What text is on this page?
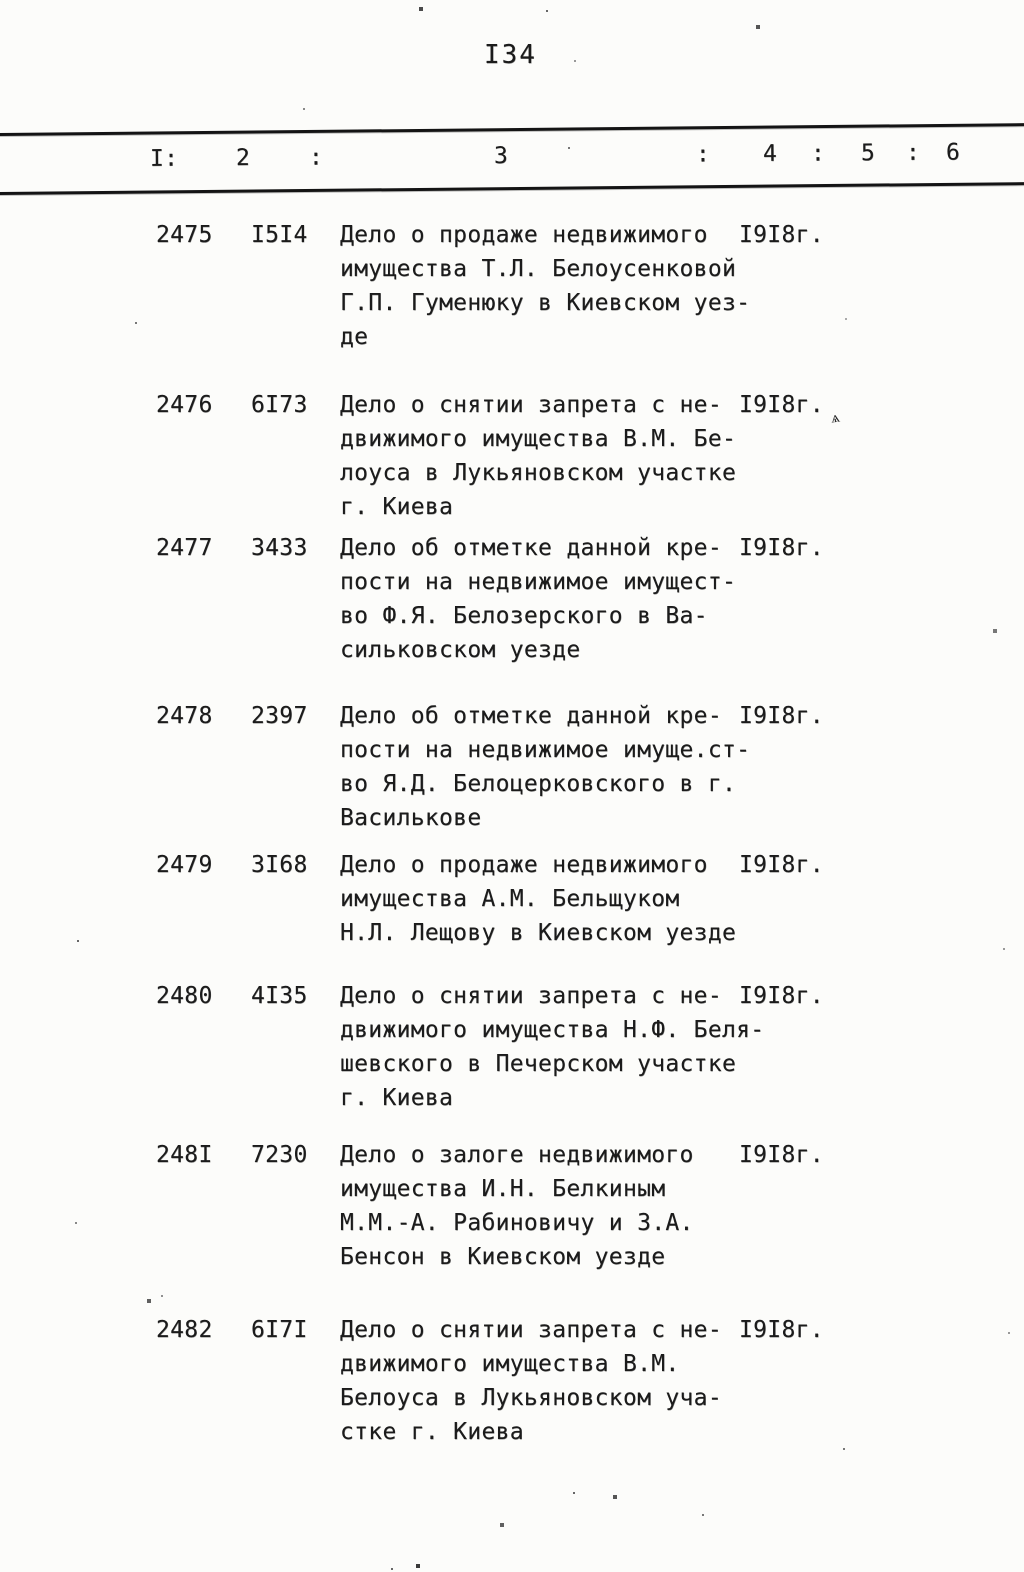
I34
I: 2	:	3	: 4 : 5 : 6
2475 I5I4 Дело о продаже недвижимого
имущества Т.Л. Белоусенковой
Г.П. Гуменюку в Киевском уез-
де
I9I8г.
2476 6I73 Дело о снятии запрета с не-
движимого имущества В.М. Бе-
лоуса в Лукьяновском участке
г. Киева
I9I8г.
2477 3433 Дело об отметке данной кре-
пости на недвижимое имущест-
во Ф.Я. Белозерского в Ва-
сильковском уезде
I9I8г.
2478 2397 Дело об отметке данной кре-
пости на недвижимое имуще.ст-
во Я.Д. Белоцерковского в г.
Василькове
I9I8г.
2479 3I68 Дело о продаже недвижимого
имущества А.М. Бельщуком
Н.Л. Лещову в Киевском уезде
I9I8г.
2480 4I35 Дело о снятии запрета с не-
движимого имущества Н.Ф. Беля-
шевского в Печерском участке
г. Киева
I9I8г.
248I 7230 Дело о залоге недвижимого
имущества И.Н. Белкиным
М.М.-А. Рабиновичу и З.А.
Бенсон в Киевском уезде
I9I8г.
2482 6I7I Дело о снятии запрета с не-
движимого имущества В.М.
Белоуса в Лукьяновском уча-
стке г. Киева
I9I8г.
ѧ
